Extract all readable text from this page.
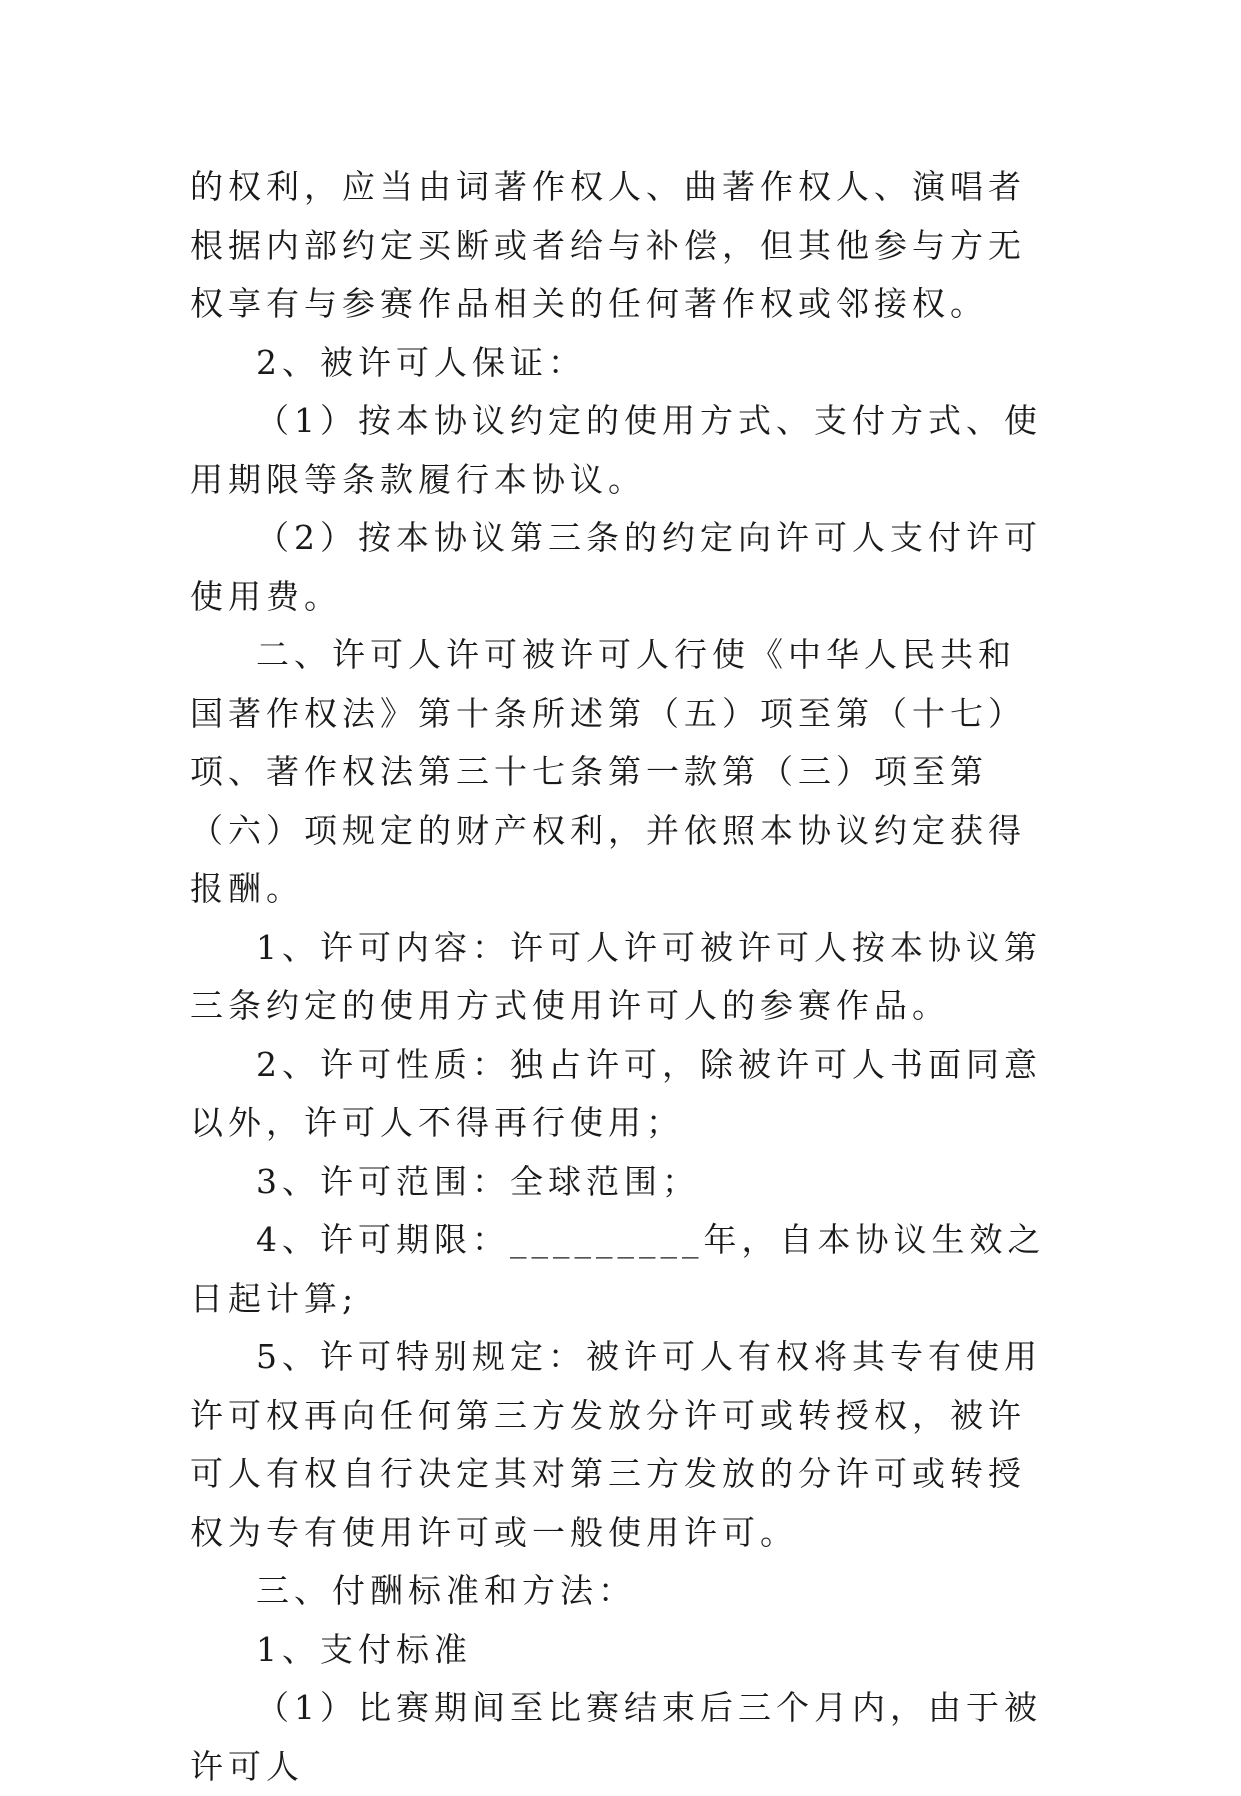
的权利，应当由词著作权人、曲著作权人、演唱者根据内部约定买断或者给与补偿，但其他参与方无权享有与参赛作品相关的任何著作权或邻接权。

2、被许可人保证：

（1）按本协议约定的使用方式、支付方式、使用期限等条款履行本协议。

（2）按本协议第三条的约定向许可人支付许可使用费。

二、许可人许可被许可人行使《中华人民共和国著作权法》第十条所述第（五）项至第（十七）项、著作权法第三十七条第一款第（三）项至第（六）项规定的财产权利，并依照本协议约定获得报酬。

1、许可内容：许可人许可被许可人按本协议第三条约定的使用方式使用许可人的参赛作品。

2、许可性质：独占许可，除被许可人书面同意以外，许可人不得再行使用；

3、许可范围：全球范围；

4、许可期限：_________年，自本协议生效之日起计算;

5、许可特别规定：被许可人有权将其专有使用许可权再向任何第三方发放分许可或转授权，被许可人有权自行决定其对第三方发放的分许可或转授权为专有使用许可或一般使用许可。

三、付酬标准和方法：

1、支付标准

（1）比赛期间至比赛结束后三个月内，由于被许可人
